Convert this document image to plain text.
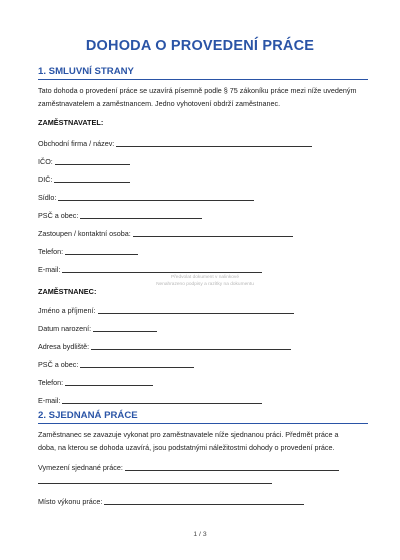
DOHODA O PROVEDENÍ PRÁCE
1. SMLUVNÍ STRANY
Tato dohoda o provedení práce se uzavírá písemně podle § 75 zákoníku práce mezi níže uvedeným
zaměstnavatelem a zaměstnancem. Jedno vyhotovení obdrží zaměstnanec.
ZAMĚSTNAVATEL:
Obchodní firma / název:
IČO:
DIČ:
Sídlo:
PSČ a obec:
Zastoupen / kontaktní osoba:
Telefon:
E-mail:
Předvolat dokument v nalinkové
Nenahrazeno podpisy a razítky na dokumentu
ZAMĚSTNANEC:
Jméno a příjmení:
Datum narození:
Adresa bydliště:
PSČ a obec:
Telefon:
E-mail:
2. SJEDNANÁ PRÁCE
Zaměstnanec se zavazuje vykonat pro zaměstnavatele níže sjednanou práci. Předmět práce a
doba, na kterou se dohoda uzavírá, jsou podstatnými náležitostmi dohody o provedení práce.
Vymezení sjednané práce:
Místo výkonu práce:
1 / 3
